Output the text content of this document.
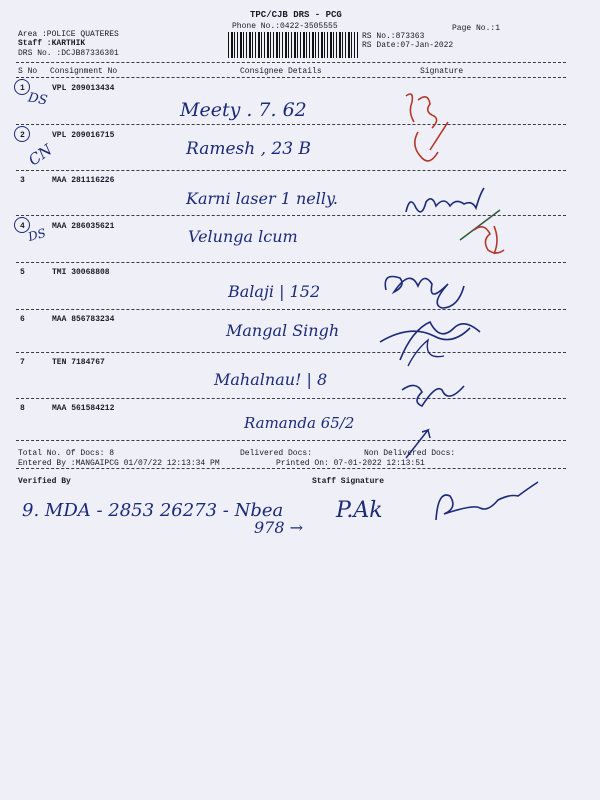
TPC/CJB DRS - PCG
Phone No.:0422-3505555	Page No.:1
Area :POLICE QUATERES
Staff :KARTHIK
DRS No. :DCJB87336301
RS No.:873363
RS Date:07-Jan-2022
S No Consignment No	Consignee Details	Signature
1	VPL 209013434
DS	Meety . 7. 62
2	VPL 209016715
CN	Ramesh , 23 B
3	MAA 281116226
Karni laser 1 nelly.
4	MAA 286035621
DS	Velunga lcum
5	TMI 30068808
Balaji | 152
6	MAA 856783234
Mangal Singh
7	TEN 7184767
Mahalnau! | 8
8	MAA 561584212
Ramanda 65/2
Total No. Of Docs: 8	Delivered Docs:	Non Delivered Docs:
Entered By :MANGAIPCG 01/07/22 12:13:34 PM	Printed On: 07-01-2022 12:13:51
Verified By	Staff Signature
9. MDA - 2853 26273 - Nbea
978 →
P.Ak
